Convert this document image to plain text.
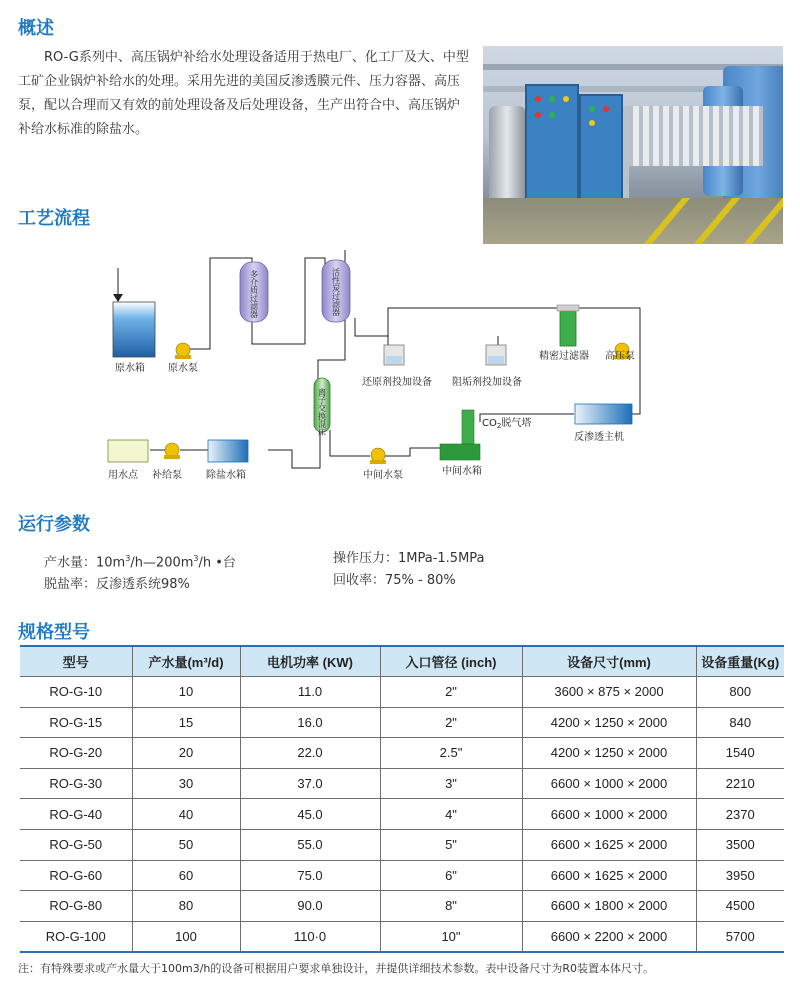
概述

RO-G系列中、高压锅炉补给水处理设备适用于热电厂、化工厂及大、中型工矿企业锅炉补给水的处理。采用先进的美国反渗透膜元件、压力容器、高压泵，配以合理而又有效的前处理设备及后处理设备，生产出符合中、高压锅炉补给水标准的除盐水。

工艺流程
原水箱 原水泵
多介质过滤器	活性炭过滤器
还原剂投加设备 阻垢剂投加设备
精密过滤器 高压泵
反渗透主机
$CO_2$脱气塔
中间水箱
中间水泵
离子交换混床
除盐水箱
补给泵
用水点
运行参数
产水量：$10m^3/h—200m^3/h$ •台
脱盐率：反渗透系统98%
操作压力：1MPa-1.5MPa
回收率：75% - 80%
规格型号
型号	产水量(m³/d)	电机功率 (KW)	入口管径 (inch)	设备尺寸(mm)	设备重量(Kg)
RO-G-10	10	11.0	2"	3600 × 875 × 2000	800
RO-G-15	15	16.0	2"	4200 × 1250 × 2000	840
RO-G-20	20	22.0	2.5"	4200 × 1250 × 2000	1540
RO-G-30	30	37.0	3"	6600 × 1000 × 2000	2210
RO-G-40	40	45.0	4"	6600 × 1000 × 2000	2370
RO-G-50	50	55.0	5"	6600 × 1625 × 2000	3500
RO-G-60	60	75.0	6"	6600 × 1625 × 2000	3950
RO-G-80	80	90.0	8"	6600 × 1800 × 2000	4500
RO-G-100	100	110·0	10"	6600 × 2200 × 2000	5700
注：有特殊要求或产水量大于100m3/h的设备可根据用户要求单独设计，并提供详细技术参数。表中设备尺寸为R0装置本体尺寸。
